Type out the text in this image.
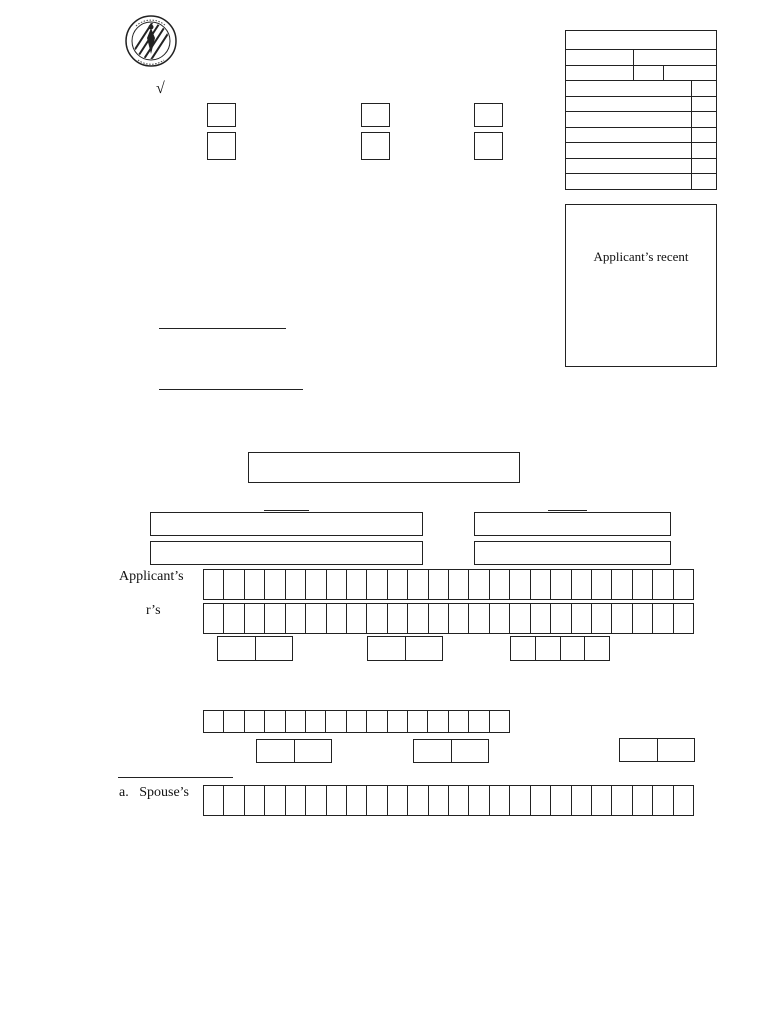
√
Applicant’s recent
Applicant’s
r’s
a.   Spouse’s
